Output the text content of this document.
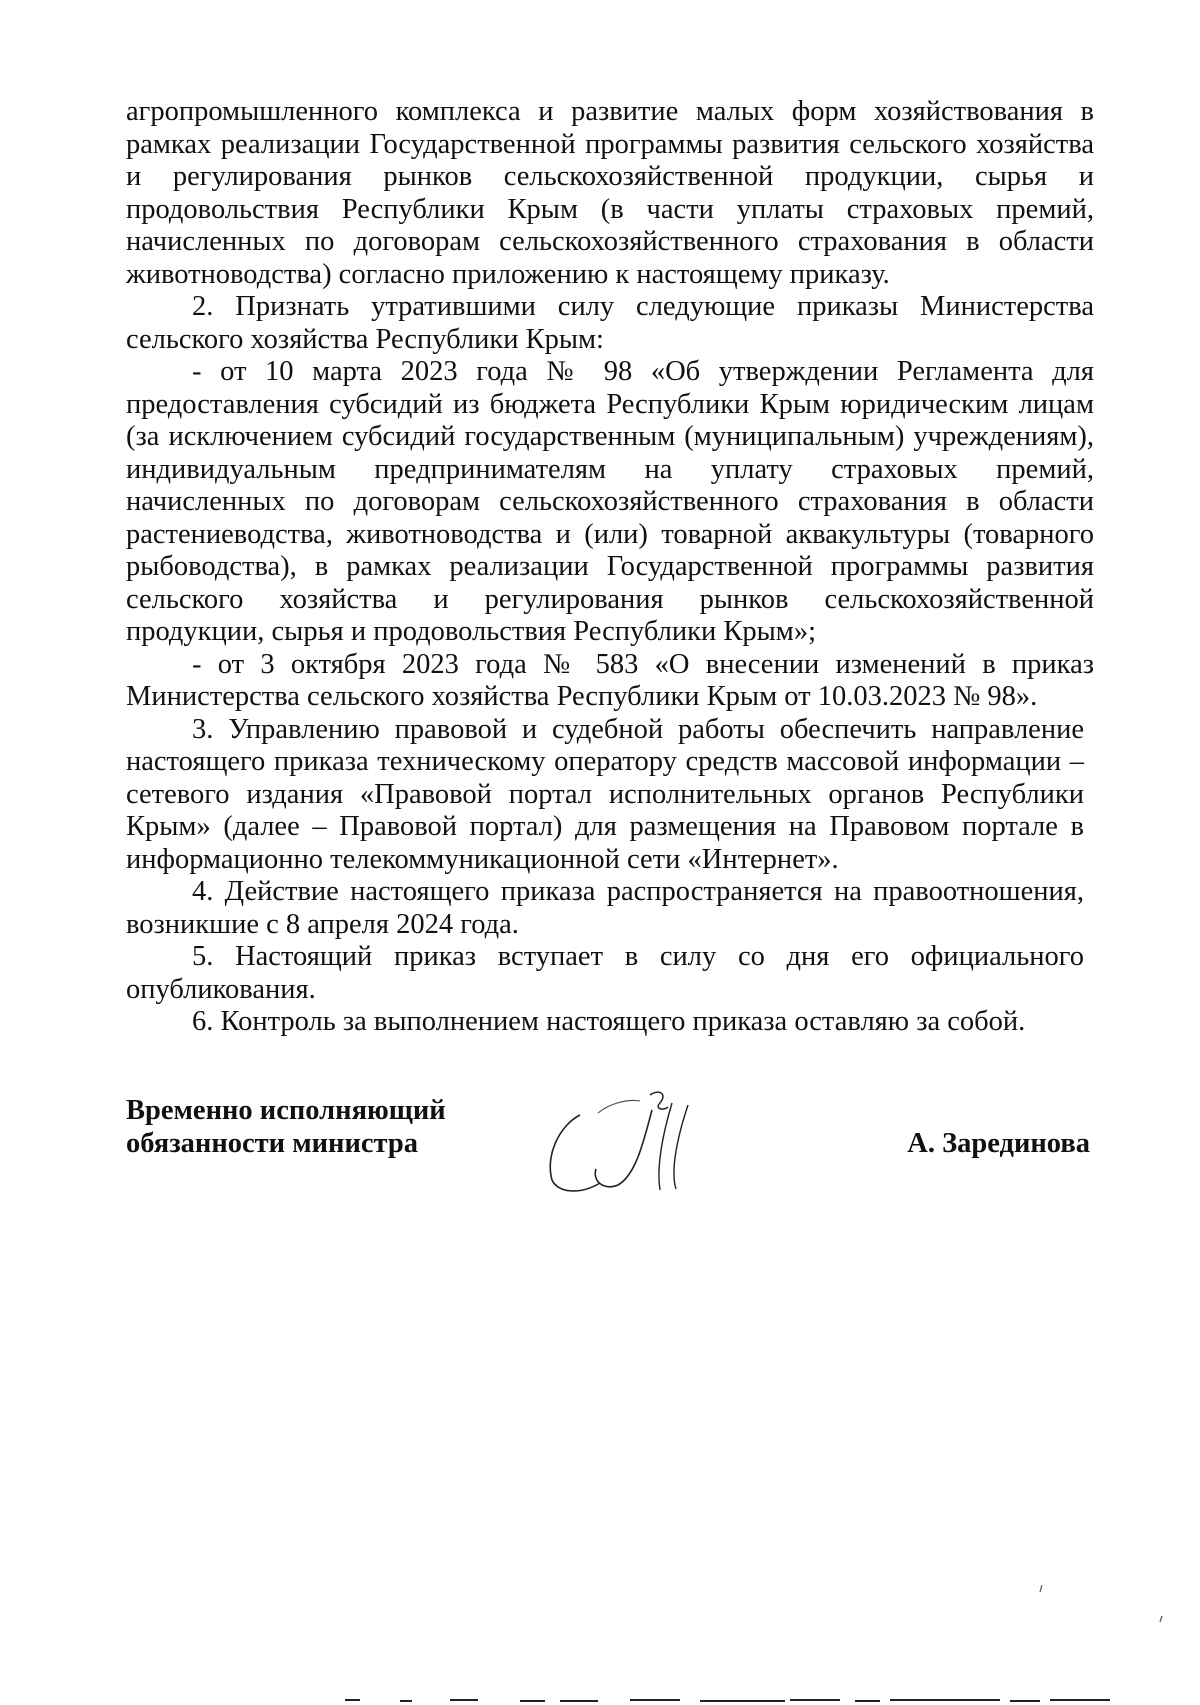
агропромышленного комплекса и развитие малых форм хозяйствования в рамках реализации Государственной программы развития сельского хозяйства и регулирования рынков сельскохозяйственной продукции, сырья и продовольствия Республики Крым (в части уплаты страховых премий, начисленных по договорам сельскохозяйственного страхования в области животноводства) согласно приложению к настоящему приказу.

2. Признать утратившими силу следующие приказы Министерства сельского хозяйства Республики Крым:

- от 10 марта 2023 года № 98 «Об утверждении Регламента для предоставления субсидий из бюджета Республики Крым юридическим лицам (за исключением субсидий государственным (муниципальным) учреждениям), индивидуальным предпринимателям на уплату страховых премий, начисленных по договорам сельскохозяйственного страхования в области растениеводства, животноводства и (или) товарной аквакультуры (товарного рыбоводства), в рамках реализации Государственной программы развития сельского хозяйства и регулирования рынков сельскохозяйственной продукции, сырья и продовольствия Республики Крым»;

- от 3 октября 2023 года № 583 «О внесении изменений в приказ Министерства сельского хозяйства Республики Крым от 10.03.2023 № 98».

3. Управлению правовой и судебной работы обеспечить направление настоящего приказа техническому оператору средств массовой информации – сетевого издания «Правовой портал исполнительных органов Республики Крым» (далее – Правовой портал) для размещения на Правовом портале в информационно телекоммуникационной сети «Интернет».

4. Действие настоящего приказа распространяется на правоотношения, возникшие с 8 апреля 2024 года.

5. Настоящий приказ вступает в силу со дня его официального опубликования.

6. Контроль за выполнением настоящего приказа оставляю за собой.

Временно исполняющий
обязанности министра	А. Зарединова
